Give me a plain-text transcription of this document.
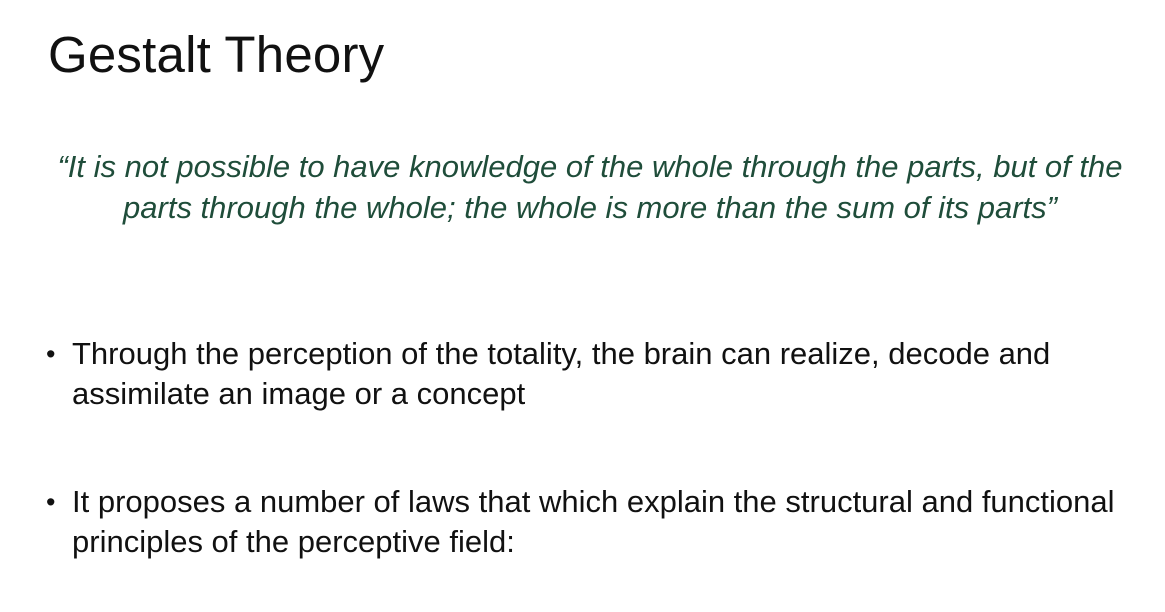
Gestalt Theory
“It is not possible to have knowledge of the whole through the parts, but of the parts through the whole; the whole is more than the sum of its parts”
• Through the perception of the totality, the brain can realize, decode and assimilate an image or a concept
• It proposes a number of laws that which explain the structural and functional principles of the perceptive field:
